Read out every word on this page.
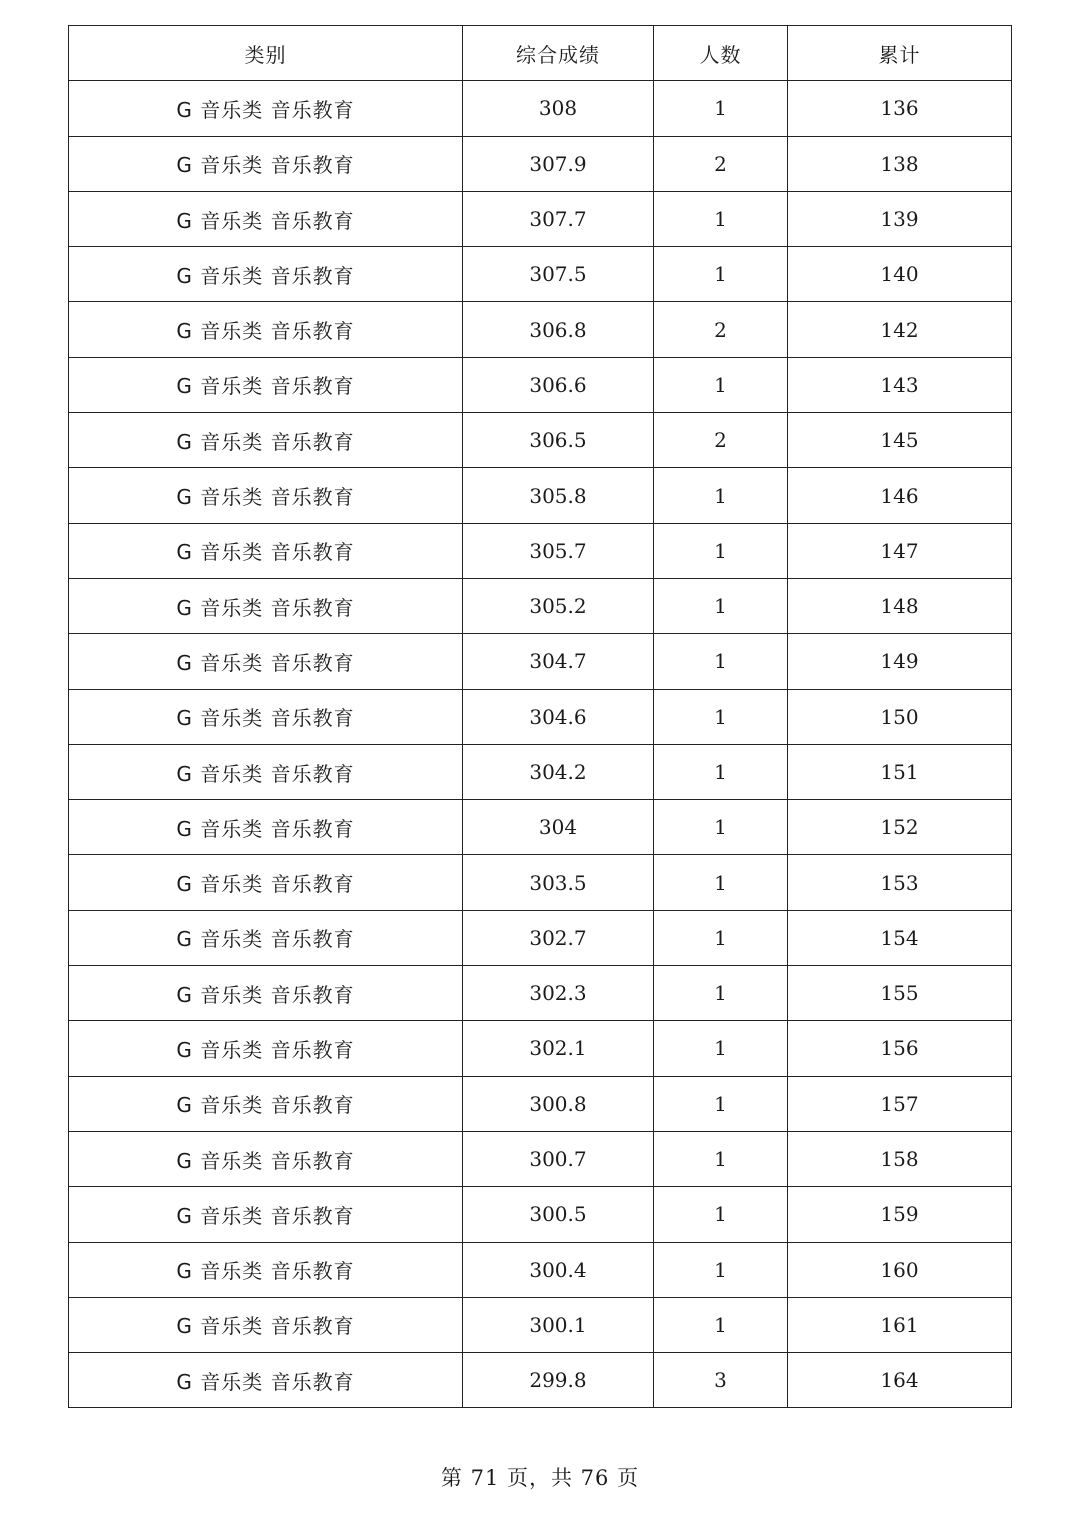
类别	综合成绩	人数	累计
G 音乐类 音乐教育	308	1	136
G 音乐类 音乐教育	307.9	2	138
G 音乐类 音乐教育	307.7	1	139
G 音乐类 音乐教育	307.5	1	140
G 音乐类 音乐教育	306.8	2	142
G 音乐类 音乐教育	306.6	1	143
G 音乐类 音乐教育	306.5	2	145
G 音乐类 音乐教育	305.8	1	146
G 音乐类 音乐教育	305.7	1	147
G 音乐类 音乐教育	305.2	1	148
G 音乐类 音乐教育	304.7	1	149
G 音乐类 音乐教育	304.6	1	150
G 音乐类 音乐教育	304.2	1	151
G 音乐类 音乐教育	304	1	152
G 音乐类 音乐教育	303.5	1	153
G 音乐类 音乐教育	302.7	1	154
G 音乐类 音乐教育	302.3	1	155
G 音乐类 音乐教育	302.1	1	156
G 音乐类 音乐教育	300.8	1	157
G 音乐类 音乐教育	300.7	1	158
G 音乐类 音乐教育	300.5	1	159
G 音乐类 音乐教育	300.4	1	160
G 音乐类 音乐教育	300.1	1	161
G 音乐类 音乐教育	299.8	3	164
第 71 页，共 76 页
